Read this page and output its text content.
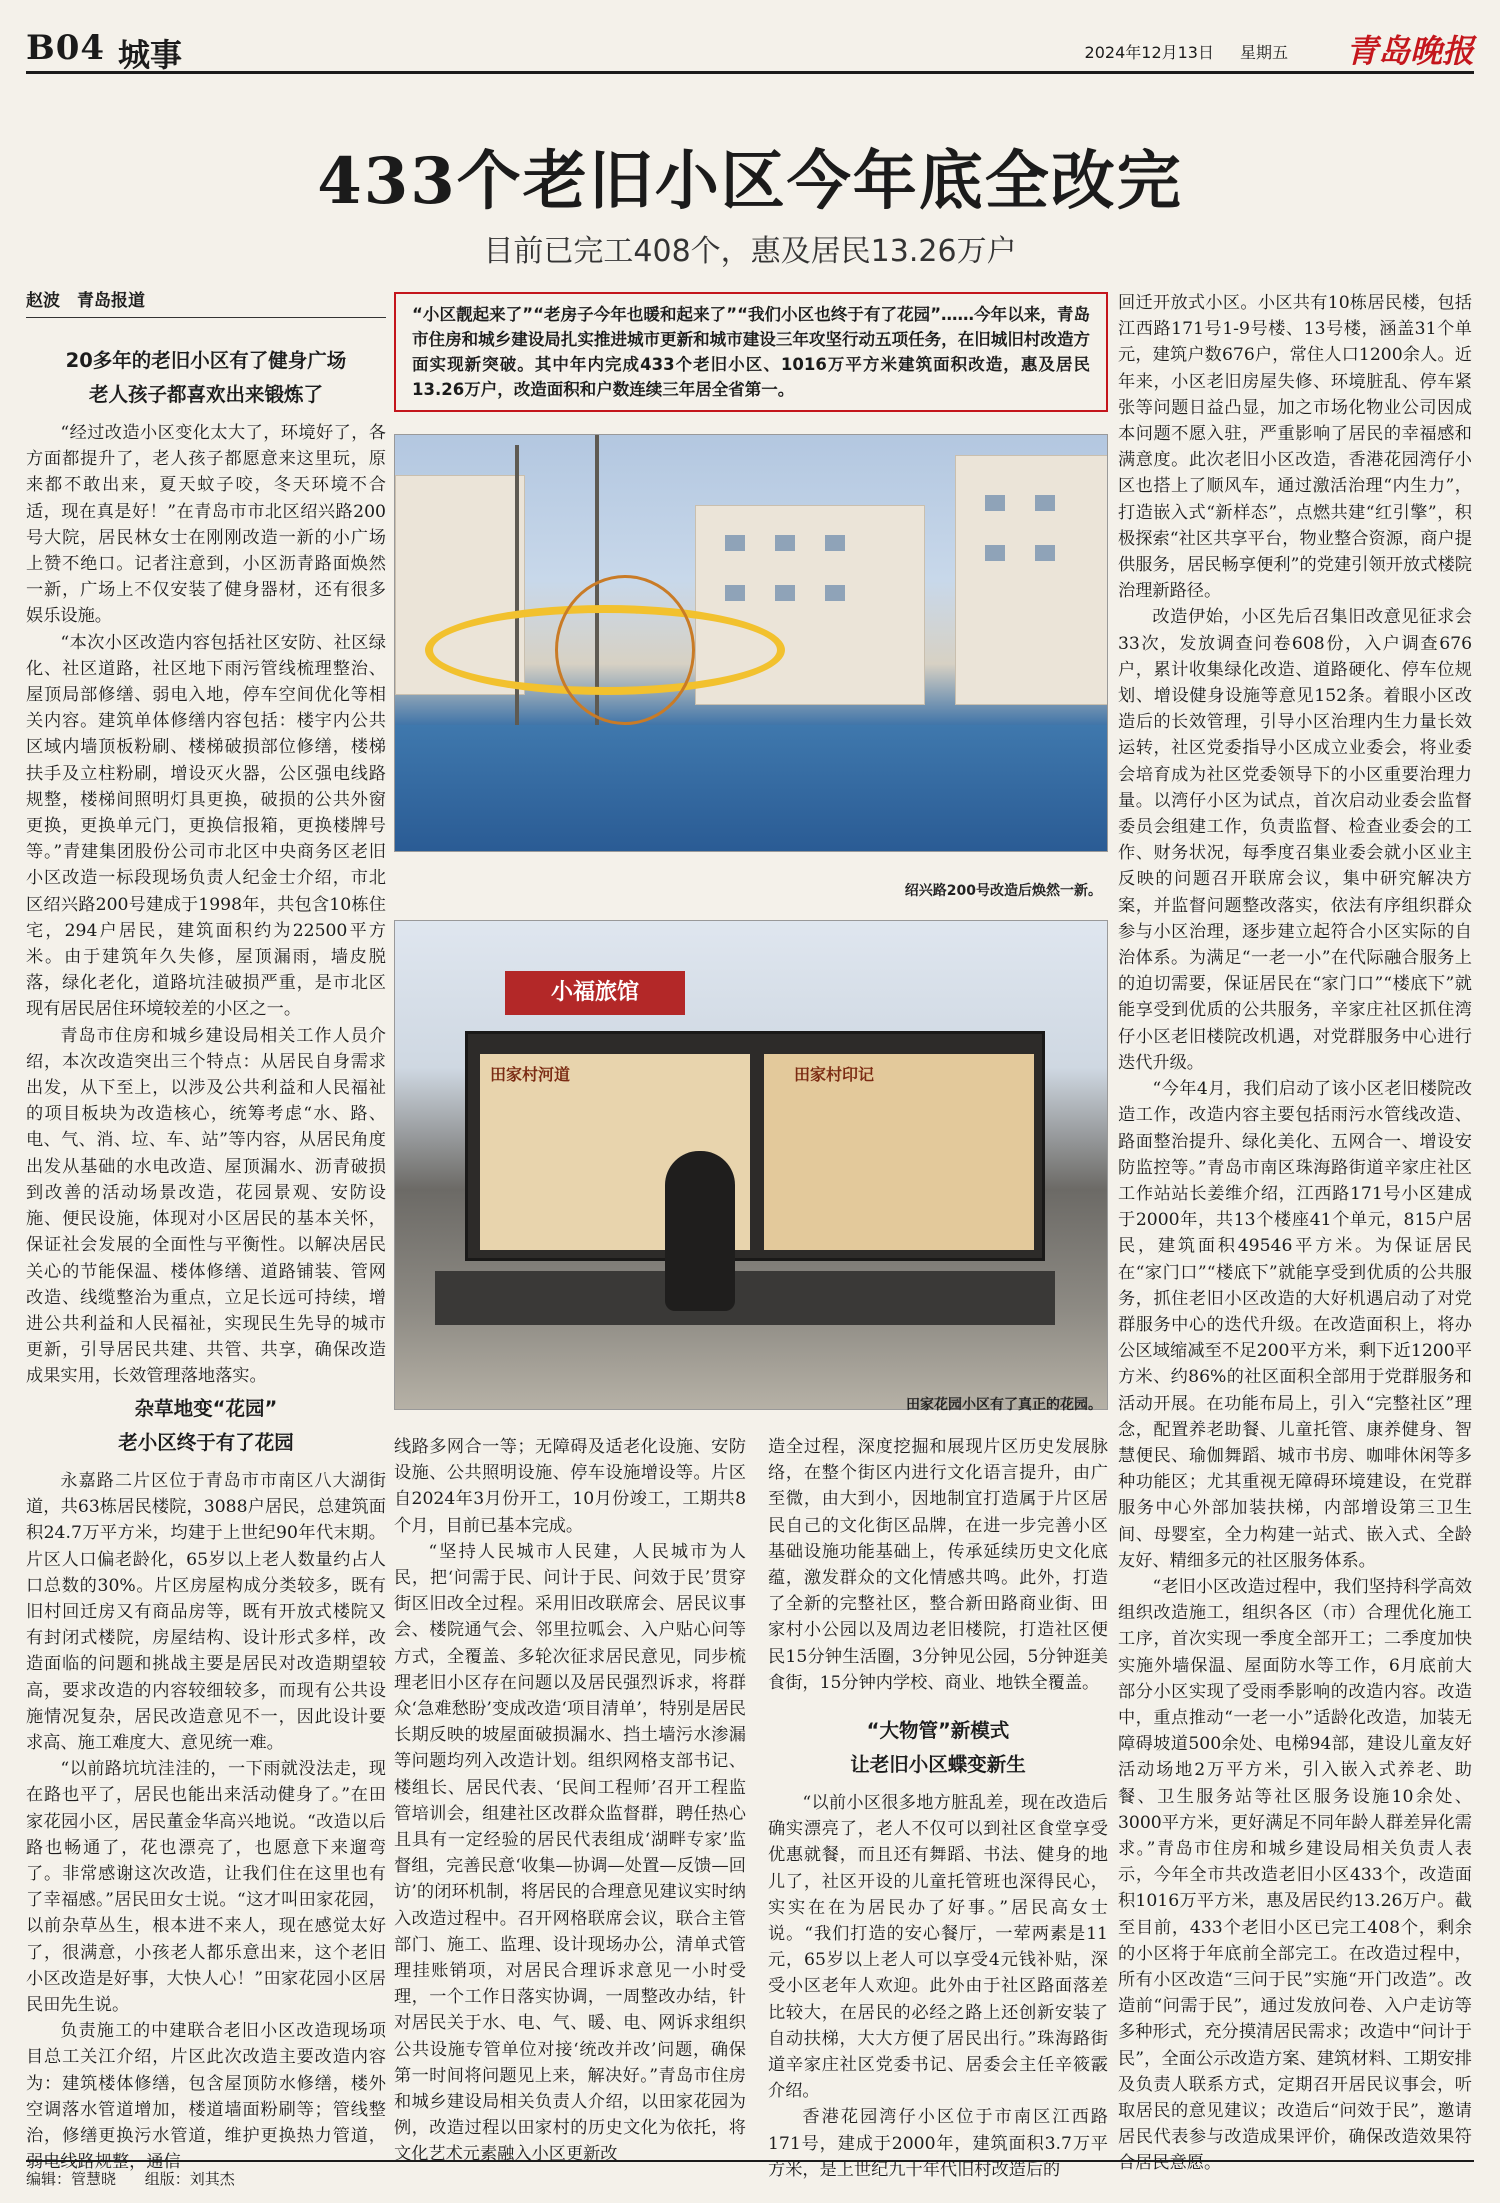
B04 城事	2024年12月13日 星期五 青岛晚报
433个老旧小区今年底全改完
目前已完工408个，惠及居民13.26万户
赵波　青岛报道
“小区靓起来了”“老房子今年也暖和起来了”“我们小区也终于有了花园”……今年以来，青岛市住房和城乡建设局扎实推进城市更新和城市建设三年攻坚行动五项任务，在旧城旧村改造方面实现新突破。其中年内完成433个老旧小区、1016万平方米建筑面积改造，惠及居民13.26万户，改造面积和户数连续三年居全省第一。
20多年的老旧小区有了健身广场
老人孩子都喜欢出来锻炼了

“经过改造小区变化太大了，环境好了，各方面都提升了，老人孩子都愿意来这里玩，原来都不敢出来，夏天蚊子咬，冬天环境不合适，现在真是好！”在青岛市市北区绍兴路200号大院，居民林女士在刚刚改造一新的小广场上赞不绝口。记者注意到，小区沥青路面焕然一新，广场上不仅安装了健身器材，还有很多娱乐设施。

“本次小区改造内容包括社区安防、社区绿化、社区道路，社区地下雨污管线梳理整治、屋顶局部修缮、弱电入地，停车空间优化等相关内容。建筑单体修缮内容包括：楼宇内公共区域内墙顶板粉刷、楼梯破损部位修缮，楼梯扶手及立柱粉刷，增设灭火器，公区强电线路规整，楼梯间照明灯具更换，破损的公共外窗更换，更换单元门，更换信报箱，更换楼牌号等。”青建集团股份公司市北区中央商务区老旧小区改造一标段现场负责人纪金士介绍，市北区绍兴路200号建成于1998年，共包含10栋住宅，294户居民，建筑面积约为22500平方米。由于建筑年久失修，屋顶漏雨，墙皮脱落，绿化老化，道路坑洼破损严重，是市北区现有居民居住环境较差的小区之一。

青岛市住房和城乡建设局相关工作人员介绍，本次改造突出三个特点：从居民自身需求出发，从下至上，以涉及公共利益和人民福祉的项目板块为改造核心，统筹考虑“水、路、电、气、消、垃、车、站”等内容，从居民角度出发从基础的水电改造、屋顶漏水、沥青破损到改善的活动场景改造，花园景观、安防设施、便民设施，体现对小区居民的基本关怀，保证社会发展的全面性与平衡性。以解决居民关心的节能保温、楼体修缮、道路铺装、管网改造、线缆整治为重点，立足长远可持续，增进公共利益和人民福祉，实现民生先导的城市更新，引导居民共建、共管、共享，确保改造成果实用，长效管理落地落实。

杂草地变“花园”
老小区终于有了花园

永嘉路二片区位于青岛市市南区八大湖街道，共63栋居民楼院，3088户居民，总建筑面积24.7万平方米，均建于上世纪90年代末期。片区人口偏老龄化，65岁以上老人数量约占人口总数的30%。片区房屋构成分类较多，既有旧村回迁房又有商品房等，既有开放式楼院又有封闭式楼院，房屋结构、设计形式多样，改造面临的问题和挑战主要是居民对改造期望较高，要求改造的内容较细较多，而现有公共设施情况复杂，居民改造意见不一，因此设计要求高、施工难度大、意见统一难。

“以前路坑坑洼洼的，一下雨就没法走，现在路也平了，居民也能出来活动健身了。”在田家花园小区，居民董金华高兴地说。“改造以后路也畅通了，花也漂亮了，也愿意下来遛弯了。非常感谢这次改造，让我们住在这里也有了幸福感。”居民田女士说。“这才叫田家花园，以前杂草丛生，根本进不来人，现在感觉太好了，很满意，小孩老人都乐意出来，这个老旧小区改造是好事，大快人心！”田家花园小区居民田先生说。

负责施工的中建联合老旧小区改造现场项目总工关江介绍，片区此次改造主要改造内容为：建筑楼体修缮，包含屋顶防水修缮，楼外空调落水管道增加，楼道墙面粉刷等；管线整治，修缮更换污水管道，维护更换热力管道，弱电线路规整，通信

绍兴路200号改造后焕然一新。
小福旅馆
田家村河道	田家村印记
田家花园小区有了真正的花园。

线路多网合一等；无障碍及适老化设施、安防设施、公共照明设施、停车设施增设等。片区自2024年3月份开工，10月份竣工，工期共8个月，目前已基本完成。

“坚持人民城市人民建，人民城市为人民，把‘问需于民、问计于民、问效于民’贯穿街区旧改全过程。采用旧改联席会、居民议事会、楼院通气会、邻里拉呱会、入户贴心问等方式，全覆盖、多轮次征求居民意见，同步梳理老旧小区存在问题以及居民强烈诉求，将群众‘急难愁盼’变成改造‘项目清单’，特别是居民长期反映的坡屋面破损漏水、挡土墙污水渗漏等问题均列入改造计划。组织网格支部书记、楼组长、居民代表、‘民间工程师’召开工程监管培训会，组建社区改群众监督群，聘任热心且具有一定经验的居民代表组成‘湖畔专家’监督组，完善民意‘收集—协调—处置—反馈—回访’的闭环机制，将居民的合理意见建议实时纳入改造过程中。召开网格联席会议，联合主管部门、施工、监理、设计现场办公，清单式管理挂账销项，对居民合理诉求意见一小时受理，一个工作日落实协调，一周整改办结，针对居民关于水、电、气、暖、电、网诉求组织公共设施专管单位对接‘统改并改’问题，确保第一时间将问题见上来，解决好。”青岛市住房和城乡建设局相关负责人介绍，以田家花园为例，改造过程以田家村的历史文化为依托，将文化艺术元素融入小区更新改

造全过程，深度挖掘和展现片区历史发展脉络，在整个街区内进行文化语言提升，由广至微，由大到小，因地制宜打造属于片区居民自己的文化街区品牌，在进一步完善小区基础设施功能基础上，传承延续历史文化底蕴，激发群众的文化情感共鸣。此外，打造了全新的完整社区，整合新田路商业街、田家村小公园以及周边老旧楼院，打造社区便民15分钟生活圈，3分钟见公园，5分钟逛美食街，15分钟内学校、商业、地铁全覆盖。

“大物管”新模式
让老旧小区蝶变新生

“以前小区很多地方脏乱差，现在改造后确实漂亮了，老人不仅可以到社区食堂享受优惠就餐，而且还有舞蹈、书法、健身的地儿了，社区开设的儿童托管班也深得民心，实实在在为居民办了好事。”居民高女士说。“我们打造的安心餐厅，一荤两素是11元，65岁以上老人可以享受4元钱补贴，深受小区老年人欢迎。此外由于社区路面落差比较大，在居民的必经之路上还创新安装了自动扶梯，大大方便了居民出行。”珠海路街道辛家庄社区党委书记、居委会主任辛筱霰介绍。

香港花园湾仔小区位于市南区江西路171号，建成于2000年，建筑面积3.7万平方米，是上世纪九十年代旧村改造后的

回迁开放式小区。小区共有10栋居民楼，包括江西路171号1-9号楼、13号楼，涵盖31个单元，建筑户数676户，常住人口1200余人。近年来，小区老旧房屋失修、环境脏乱、停车紧张等问题日益凸显，加之市场化物业公司因成本问题不愿入驻，严重影响了居民的幸福感和满意度。此次老旧小区改造，香港花园湾仔小区也搭上了顺风车，通过激活治理“内生力”，打造嵌入式“新样态”，点燃共建“红引擎”，积极探索“社区共享平台，物业整合资源，商户提供服务，居民畅享便利”的党建引领开放式楼院治理新路径。

改造伊始，小区先后召集旧改意见征求会33次，发放调查问卷608份，入户调查676户，累计收集绿化改造、道路硬化、停车位规划、增设健身设施等意见152条。着眼小区改造后的长效管理，引导小区治理内生力量长效运转，社区党委指导小区成立业委会，将业委会培育成为社区党委领导下的小区重要治理力量。以湾仔小区为试点，首次启动业委会监督委员会组建工作，负责监督、检查业委会的工作、财务状况，每季度召集业委会就小区业主反映的问题召开联席会议，集中研究解决方案，并监督问题整改落实，依法有序组织群众参与小区治理，逐步建立起符合小区实际的自治体系。为满足“一老一小”在代际融合服务上的迫切需要，保证居民在“家门口”“楼底下”就能享受到优质的公共服务，辛家庄社区抓住湾仔小区老旧楼院改机遇，对党群服务中心进行迭代升级。

“今年4月，我们启动了该小区老旧楼院改造工作，改造内容主要包括雨污水管线改造、路面整治提升、绿化美化、五网合一、增设安防监控等。”青岛市南区珠海路街道辛家庄社区工作站站长姜维介绍，江西路171号小区建成于2000年，共13个楼座41个单元，815户居民，建筑面积49546平方米。为保证居民在“家门口”“楼底下”就能享受到优质的公共服务，抓住老旧小区改造的大好机遇启动了对党群服务中心的迭代升级。在改造面积上，将办公区域缩减至不足200平方米，剩下近1200平方米、约86%的社区面积全部用于党群服务和活动开展。在功能布局上，引入“完整社区”理念，配置养老助餐、儿童托管、康养健身、智慧便民、瑜伽舞蹈、城市书房、咖啡休闲等多种功能区；尤其重视无障碍环境建设，在党群服务中心外部加装扶梯，内部增设第三卫生间、母婴室，全力构建一站式、嵌入式、全龄友好、精细多元的社区服务体系。

“老旧小区改造过程中，我们坚持科学高效组织改造施工，组织各区（市）合理优化施工工序，首次实现一季度全部开工；二季度加快实施外墙保温、屋面防水等工作，6月底前大部分小区实现了受雨季影响的改造内容。改造中，重点推动“一老一小”适龄化改造，加装无障碍坡道500余处、电梯94部，建设儿童友好活动场地2万平方米，引入嵌入式养老、助餐、卫生服务站等社区服务设施10余处、3000平方米，更好满足不同年龄人群差异化需求。”青岛市住房和城乡建设局相关负责人表示，今年全市共改造老旧小区433个，改造面积1016万平方米，惠及居民约13.26万户。截至目前，433个老旧小区已完工408个，剩余的小区将于年底前全部完工。在改造过程中，所有小区改造“三问于民”实施“开门改造”。改造前“问需于民”，通过发放问卷、入户走访等多种形式，充分摸清居民需求；改造中“问计于民”，全面公示改造方案、建筑材料、工期安排及负责人联系方式，定期召开居民议事会，听取居民的意见建议；改造后“问效于民”，邀请居民代表参与改造成果评价，确保改造效果符合居民意愿。

编辑：管慧晓 组版：刘其杰
